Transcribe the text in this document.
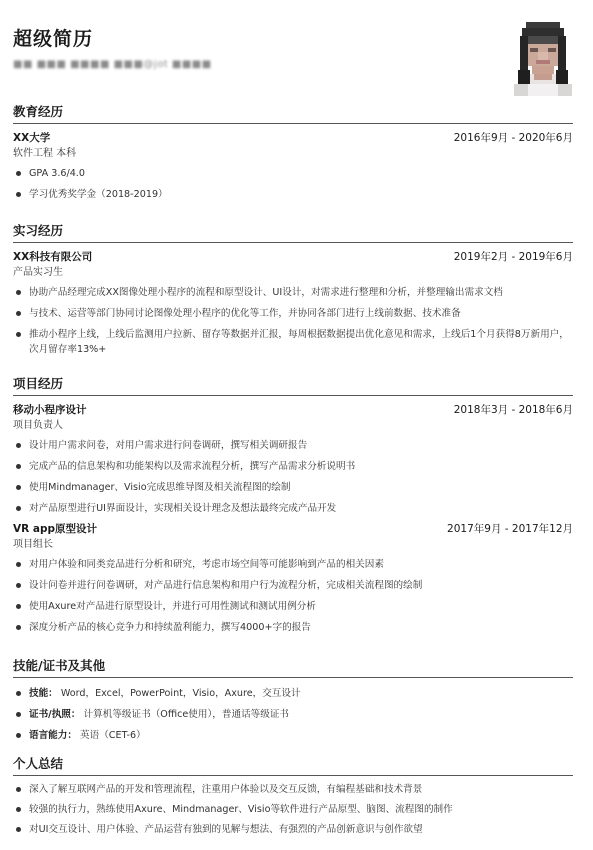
超级简历
■■ ■■■ ■■■■ ■■■@jot ■■■■
教育经历
XX大学	2016年9月 - 2020年6月
软件工程 本科
GPA 3.6/4.0
学习优秀奖学金（2018-2019）
实习经历
XX科技有限公司	2019年2月 - 2019年6月
产品实习生
协助产品经理完成XX图像处理小程序的流程和原型设计、UI设计，对需求进行整理和分析，并整理输出需求文档
与技术、运营等部门协同讨论图像处理小程序的优化等工作，并协同各部门进行上线前数据、技术准备
推动小程序上线，上线后监测用户拉新、留存等数据并汇报，每周根据数据提出优化意见和需求，上线后1个月获得8万新用户，次月留存率13%+
项目经历
移动小程序设计	2018年3月 - 2018年6月
项目负责人
设计用户需求问卷，对用户需求进行问卷调研，撰写相关调研报告
完成产品的信息架构和功能架构以及需求流程分析，撰写产品需求分析说明书
使用Mindmanager、Visio完成思维导图及相关流程图的绘制
对产品原型进行UI界面设计，实现相关设计理念及想法最终完成产品开发
VR app原型设计	2017年9月 - 2017年12月
项目组长
对用户体验和同类竞品进行分析和研究，考虑市场空间等可能影响到产品的相关因素
设计问卷并进行问卷调研，对产品进行信息架构和用户行为流程分析，完成相关流程图的绘制
使用Axure对产品进行原型设计，并进行可用性测试和测试用例分析
深度分析产品的核心竞争力和持续盈利能力，撰写4000+字的报告
技能/证书及其他
技能： Word，Excel，PowerPoint，Visio，Axure，交互设计
证书/执照： 计算机等级证书（Office使用），普通话等级证书
语言能力： 英语（CET-6）
个人总结
深入了解互联网产品的开发和管理流程，注重用户体验以及交互反馈，有编程基础和技术背景
较强的执行力，熟练使用Axure、Mindmanager、Visio等软件进行产品原型、脑图、流程图的制作
对UI交互设计、用户体验、产品运营有独到的见解与想法、有强烈的产品创新意识与创作欲望
